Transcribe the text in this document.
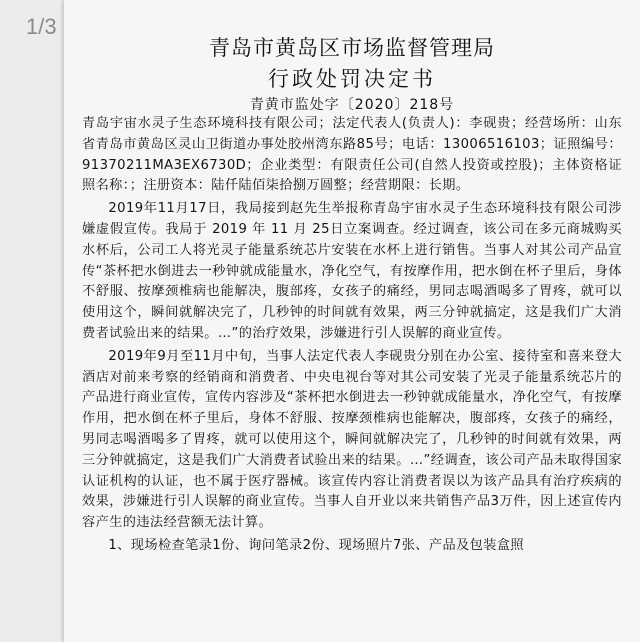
1/3
青岛市黄岛区市场监督管理局
行政处罚决定书
青黄市监处字〔2020〕218号

青岛宇宙水灵子生态环境科技有限公司；法定代表人(负责人)：李砚贵；经营场所：山东省青岛市黄岛区灵山卫街道办事处胶州湾东路85号；电话：13006516103；证照编号：91370211MA3EX6730D；企业类型：有限责任公司(自然人投资或控股)；主体资格证照名称：；注册资本：陆仟陆佰柒拾捌万圆整；经营期限：长期。

2019年11月17日，我局接到赵先生举报称青岛宇宙水灵子生态环境科技有限公司涉嫌虚假宣传。我局于 2019 年 11 月 25日立案调查。经过调查，该公司在多元商城购买水杯后，公司工人将光灵子能量系统芯片安装在水杯上进行销售。当事人对其公司产品宣传“茶杯把水倒进去一秒钟就成能量水，净化空气，有按摩作用，把水倒在杯子里后，身体不舒服、按摩颈椎病也能解决，腹部疼，女孩子的痛经，男同志喝酒喝多了胃疼，就可以使用这个，瞬间就解决完了，几秒钟的时间就有效果，两三分钟就搞定，这是我们广大消费者试验出来的结果。…”的治疗效果，涉嫌进行引人误解的商业宣传。

2019年9月至11月中旬，当事人法定代表人李砚贵分别在办公室、接待室和喜来登大酒店对前来考察的经销商和消费者、中央电视台等对其公司安装了光灵子能量系统芯片的产品进行商业宣传，宣传内容涉及“茶杯把水倒进去一秒钟就成能量水，净化空气，有按摩作用，把水倒在杯子里后，身体不舒服、按摩颈椎病也能解决，腹部疼，女孩子的痛经，男同志喝酒喝多了胃疼，就可以使用这个，瞬间就解决完了，几秒钟的时间就有效果，两三分钟就搞定，这是我们广大消费者试验出来的结果。…”经调查，该公司产品未取得国家认证机构的认证，也不属于医疗器械。该宣传内容让消费者误以为该产品具有治疗疾病的效果，涉嫌进行引人误解的商业宣传。当事人自开业以来共销售产品3万件，因上述宣传内容产生的违法经营额无法计算。

1、现场检查笔录1份、询问笔录2份、现场照片7张、产品及包装盒照
